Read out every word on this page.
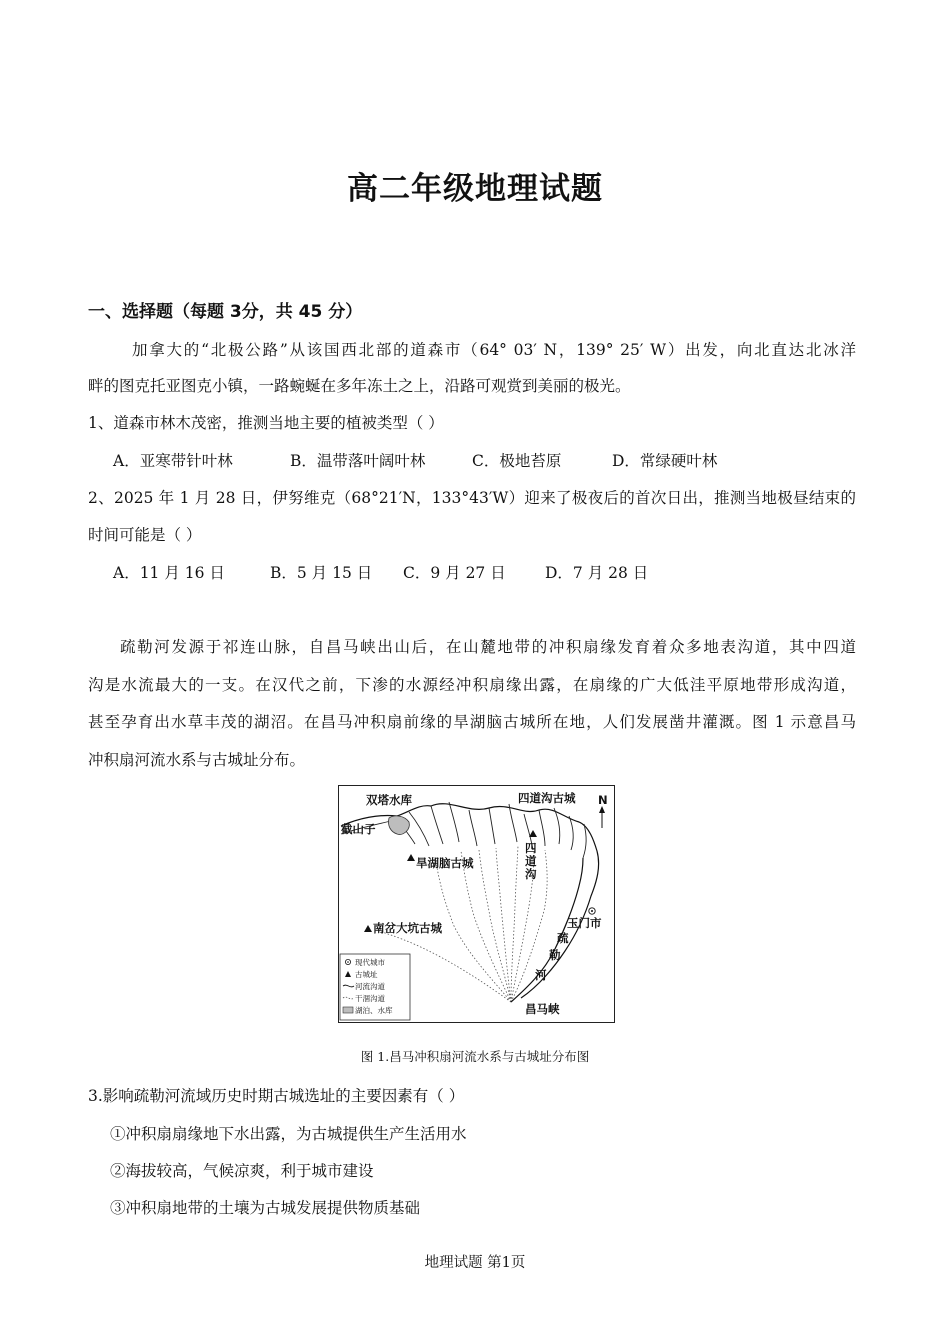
高二年级地理试题
一、选择题（每题 3分，共 45 分）
加拿大的“北极公路”从该国西北部的道森市（64° 03′ N，139° 25′ W）出发，向北直达北冰洋
畔的图克托亚图克小镇，一路蜿蜒在多年冻土之上，沿路可观赏到美丽的极光。
1、道森市林木茂密，推测当地主要的植被类型（ ）
A．亚寒带针叶林	B．温带落叶阔叶林	C．极地苔原	D．常绿硬叶林
2、2025 年 1 月 28 日，伊努维克（68°21′N，133°43′W）迎来了极夜后的首次日出，推测当地极昼结束的
时间可能是（ ）
A．11 月 16 日	B．5 月 15 日 C．9 月 27 日	D．7 月 28 日
疏勒河发源于祁连山脉，自昌马峡出山后，在山麓地带的冲积扇缘发育着众多地表沟道，其中四道
沟是水流最大的一支。在汉代之前，下渗的水源经冲积扇缘出露，在扇缘的广大低洼平原地带形成沟道，
甚至孕育出水草丰茂的湖沼。在昌马冲积扇前缘的旱湖脑古城所在地，人们发展凿井灌溉。图 1 示意昌马
冲积扇河流水系与古城址分布。
双塔水库
截山子
四道沟古城 N
旱湖脑古城
四
道
沟
玉门市
疏
勒
河
南岔大坑古城
昌马峡
现代城市
古城址
河流沟道
干涸沟道
湖泊、水库
图 1.昌马冲积扇河流水系与古城址分布图
3.影响疏勒河流域历史时期古城选址的主要因素有（ ）
①冲积扇扇缘地下水出露，为古城提供生产生活用水
②海拔较高，气候凉爽，利于城市建设
③冲积扇地带的土壤为古城发展提供物质基础
地理试题 第1页
